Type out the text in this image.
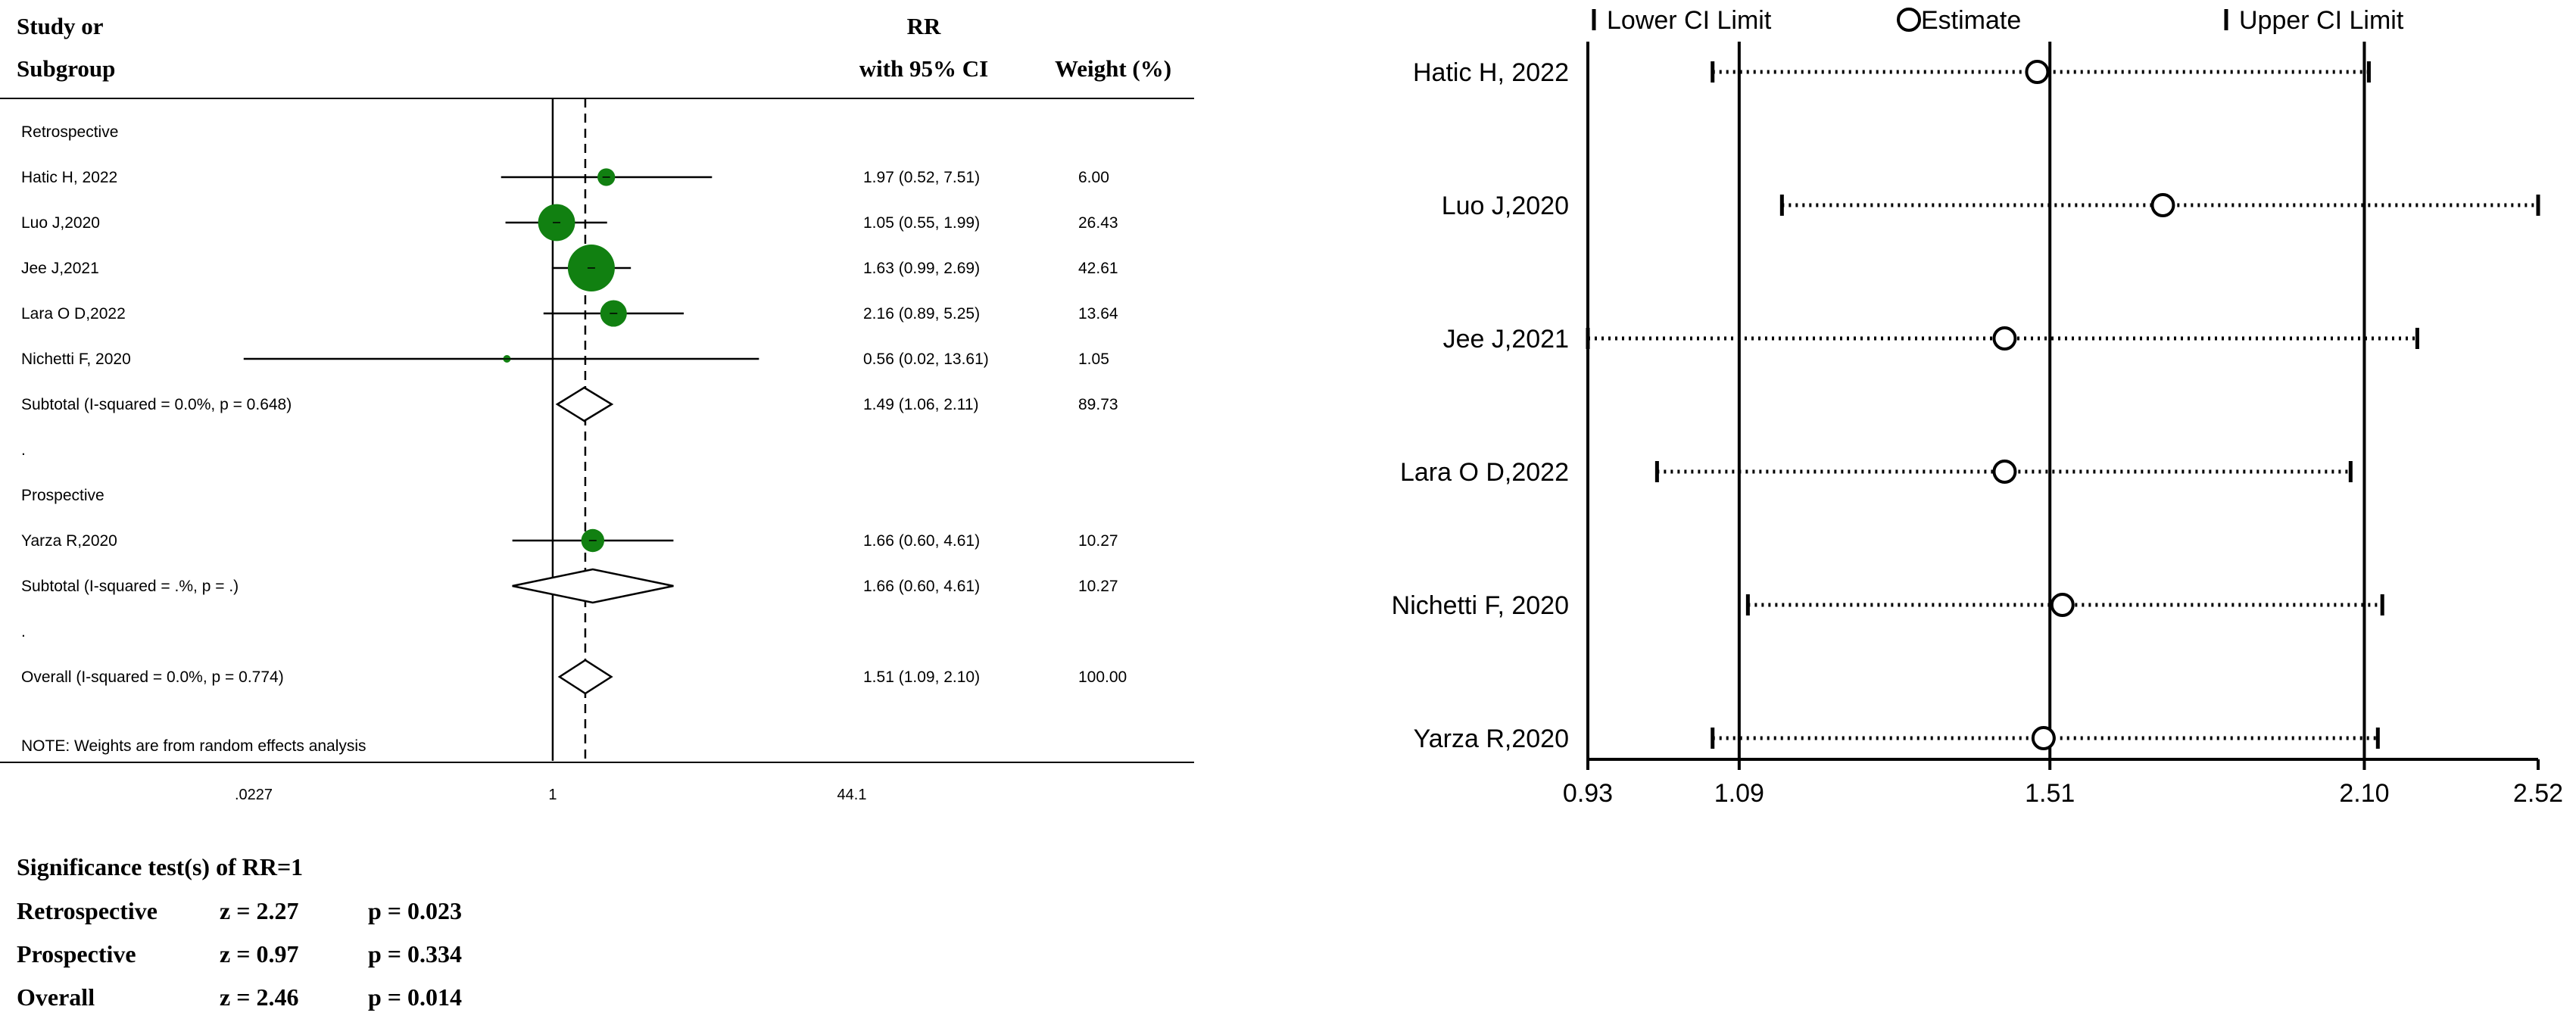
Study or
Subgroup
RR
with 95% CI	Weight (%)
.0227	1	44.1
Retrospective
Hatic H, 2022	1.97 (0.52, 7.51)	6.00
Luo J,2020	1.05 (0.55, 1.99)	26.43
Jee J,2021	1.63 (0.99, 2.69)	42.61
Lara O D,2022	2.16 (0.89, 5.25)	13.64
Nichetti F, 2020	0.56 (0.02, 13.61)	1.05
Subtotal (I-squared = 0.0%, p = 0.648)	1.49 (1.06, 2.11)	89.73
.
Prospective
Yarza R,2020	1.66 (0.60, 4.61)	10.27
Subtotal (I-squared = .%, p = .)	1.66 (0.60, 4.61)	10.27
.
Overall (I-squared = 0.0%, p = 0.774)	1.51 (1.09, 2.10)	100.00
NOTE: Weights are from random effects analysis
Significance test(s) of RR=1
Retrospective	z = 2.27	p = 0.023
Prospective	z = 0.97	p = 0.334
Overall	z = 2.46	p = 0.014
Lower CI Limit	Estimate	Upper CI Limit
0.93	1.09	1.51	2.10	2.52
Hatic H, 2022
Luo J,2020
Jee J,2021
Lara O D,2022
Nichetti F, 2020
Yarza R,2020
